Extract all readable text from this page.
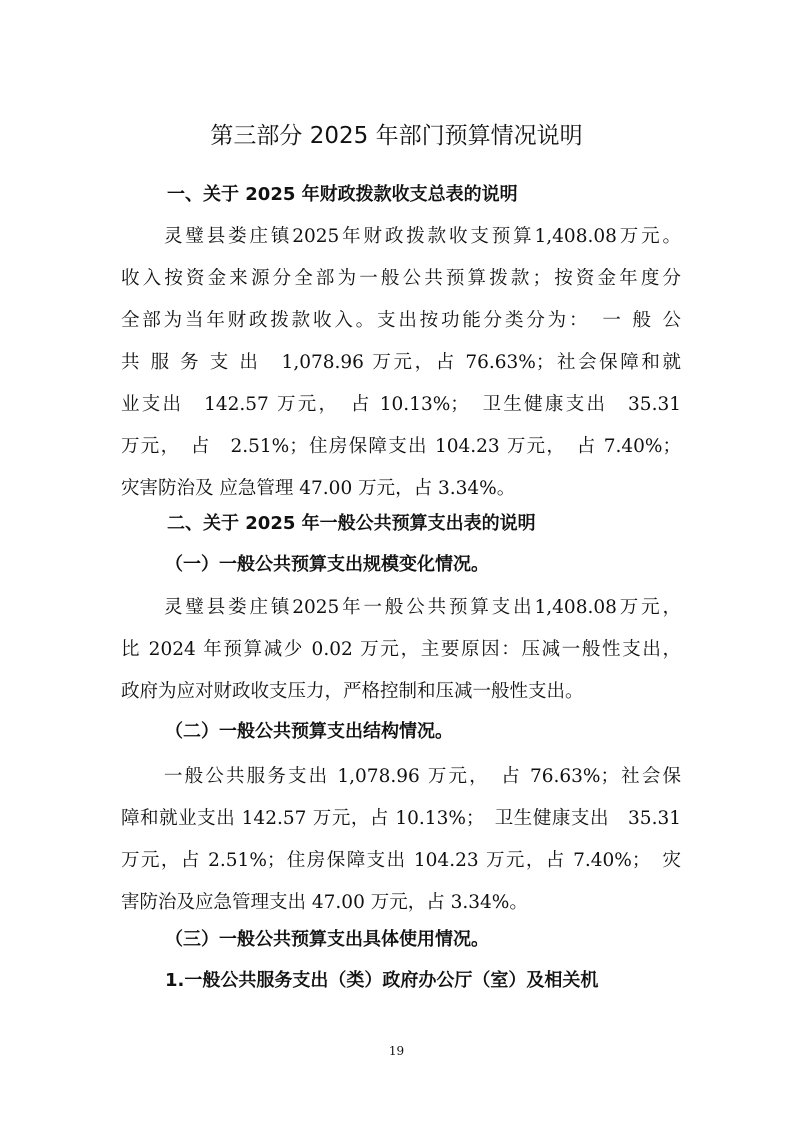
第三部分 2025 年部门预算情况说明
一、关于 2025 年财政拨款收支总表的说明
灵璧县娄庄镇2025年财政拨款收支预算1,408.08万元。
收入按资金来源分全部为一般公共预算拨款；按资金年度分
全部为当年财政拨款收入。支出按功能分类分为：　一 般 公
共 服 务 支 出　1,078.96 万元，占 76.63%；社会保障和就
业支出　142.57 万元，　占 10.13%；　卫生健康支出　35.31
万元，　占　2.51%；住房保障支出 104.23 万元，　占 7.40%；
灾害防治及 应急管理 47.00 万元，占 3.34%。
二、关于 2025 年一般公共预算支出表的说明
（一）一般公共预算支出规模变化情况。
灵璧县娄庄镇2025年一般公共预算支出1,408.08万元，
比 2024 年预算减少 0.02 万元，主要原因：压减一般性支出，
政府为应对财政收支压力，严格控制和压减一般性支出。
（二）一般公共预算支出结构情况。
一般公共服务支出 1,078.96 万元，　占 76.63%；社会保
障和就业支出 142.57 万元，占 10.13%；　卫生健康支出　35.31
万元，占 2.51%；住房保障支出 104.23 万元，占 7.40%；　灾
害防治及应急管理支出 47.00 万元，占 3.34%。
（三）一般公共预算支出具体使用情况。
1.一般公共服务支出（类）政府办公厅（室）及相关机
19
